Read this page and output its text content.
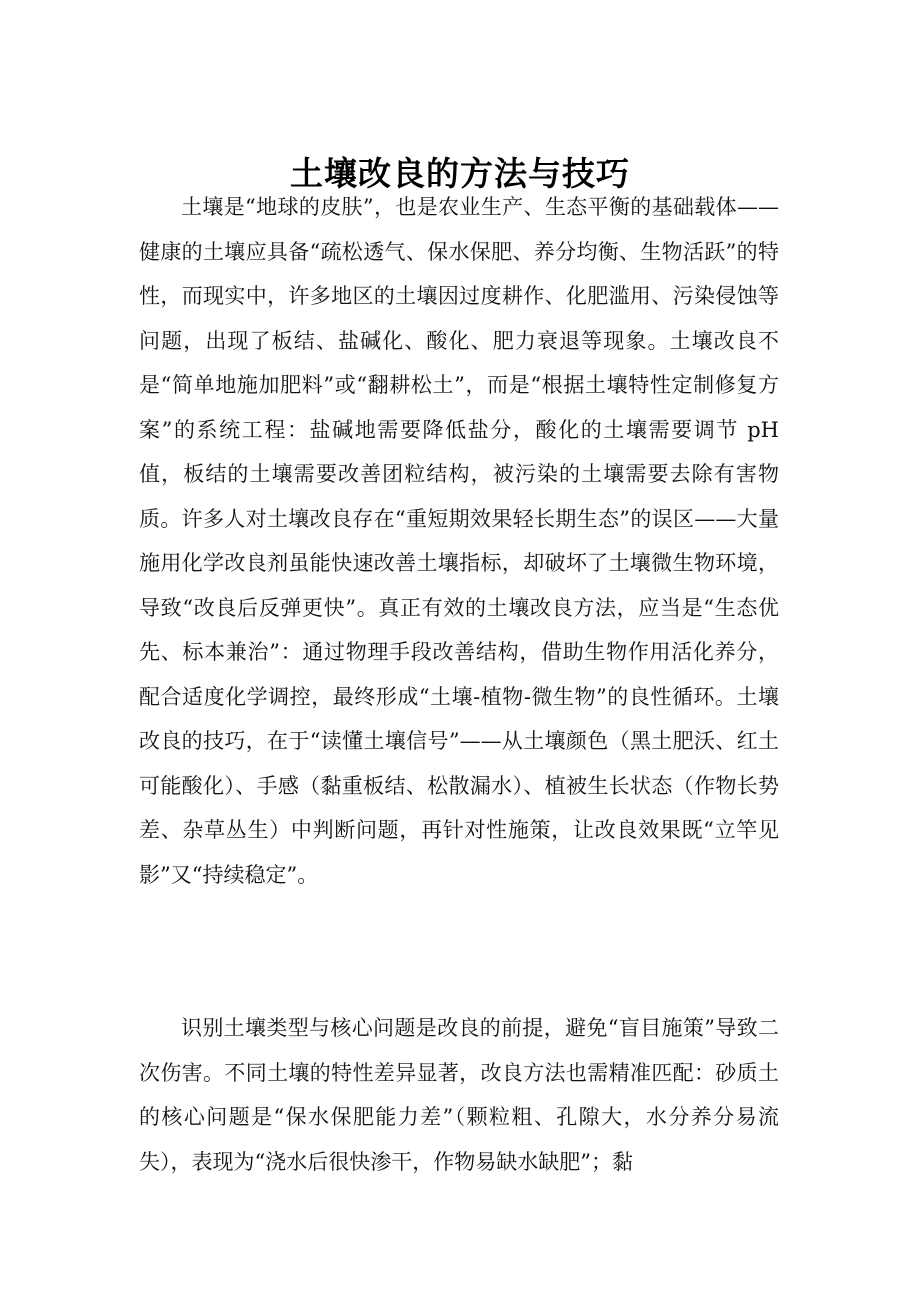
土壤改良的方法与技巧

土壤是“地球的皮肤”，也是农业生产、生态平衡的基础载体——健康的土壤应具备“疏松透气、保水保肥、养分均衡、生物活跃”的特性，而现实中，许多地区的土壤因过度耕作、化肥滥用、污染侵蚀等问题，出现了板结、盐碱化、酸化、肥力衰退等现象。土壤改良不是“简单地施加肥料”或“翻耕松土”，而是“根据土壤特性定制修复方案”的系统工程：盐碱地需要降低盐分，酸化的土壤需要调节 pH 值，板结的土壤需要改善团粒结构，被污染的土壤需要去除有害物质。许多人对土壤改良存在“重短期效果轻长期生态”的误区——大量施用化学改良剂虽能快速改善土壤指标，却破坏了土壤微生物环境，导致“改良后反弹更快”。真正有效的土壤改良方法，应当是“生态优先、标本兼治”：通过物理手段改善结构，借助生物作用活化养分，配合适度化学调控，最终形成“土壤-植物-微生物”的良性循环。土壤改良的技巧，在于“读懂土壤信号”——从土壤颜色（黑土肥沃、红土可能酸化）、手感（黏重板结、松散漏水）、植被生长状态（作物长势差、杂草丛生）中判断问题，再针对性施策，让改良效果既“立竿见影”又“持续稳定”。

识别土壤类型与核心问题是改良的前提，避免“盲目施策”导致二次伤害。不同土壤的特性差异显著，改良方法也需精准匹配：砂质土的核心问题是“保水保肥能力差”（颗粒粗、孔隙大，水分养分易流失），表现为“浇水后很快渗干，作物易缺水缺肥”；黏
